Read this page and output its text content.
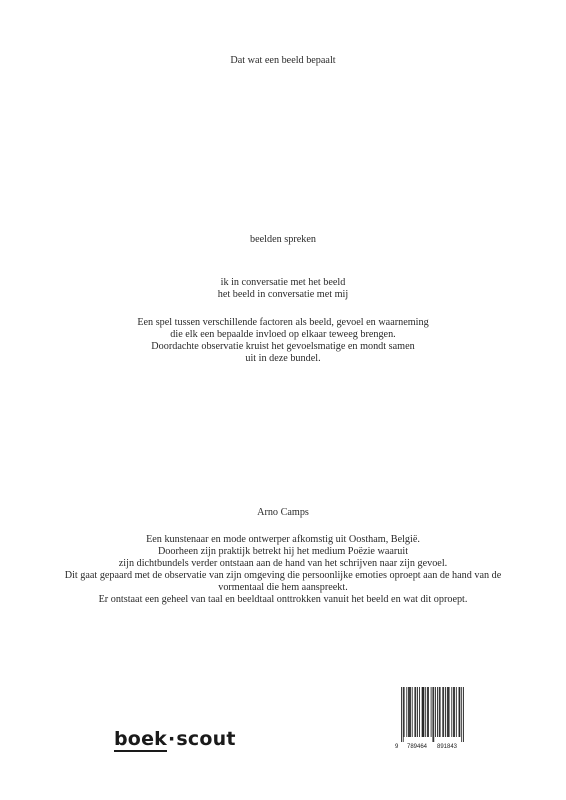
Dat wat een beeld bepaalt
beelden spreken
ik in conversatie met het beeld
het beeld in conversatie met mij
Een spel tussen verschillende factoren als beeld, gevoel en waarneming
die elk een bepaalde invloed op elkaar teweeg brengen.
Doordachte observatie kruist het gevoelsmatige en mondt samen
uit in deze bundel.
Arno Camps
Een kunstenaar en mode ontwerper afkomstig uit Oostham, België.
Doorheen zijn praktijk betrekt hij het medium Poëzie waaruit
zijn dichtbundels verder ontstaan aan de hand van het schrijven naar zijn gevoel.
Dit gaat gepaard met de observatie van zijn omgeving die persoonlijke emoties oproept aan de hand van de
vormentaal die hem aanspreekt.
Er ontstaat een geheel van taal en beeldtaal onttrokken vanuit het beeld en wat dit oproept.
boek·scout	9 789464 891843
